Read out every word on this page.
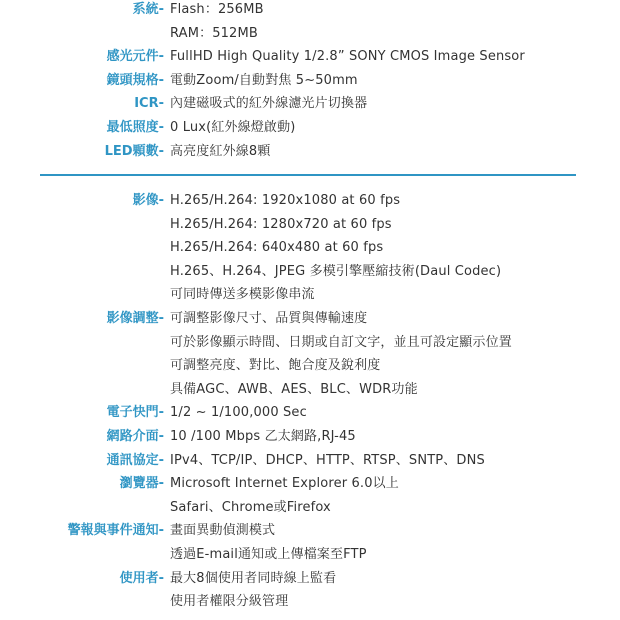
系統- Flash：256MB
RAM：512MB
感光元件- FullHD High Quality 1/2.8” SONY CMOS Image Sensor
鏡頭規格- 電動Zoom/自動對焦 5~50mm
ICR- 內建磁吸式的紅外線濾光片切換器
最低照度- 0 Lux(紅外線燈啟動)
LED顆數- 高亮度紅外線8顆
影像- H.265/H.264: 1920x1080 at 60 fps
H.265/H.264: 1280x720 at 60 fps
H.265/H.264: 640x480 at 60 fps
H.265、H.264、JPEG 多模引擎壓縮技術(Daul Codec)
可同時傳送多模影像串流
影像調整- 可調整影像尺寸、品質與傳輸速度
可於影像顯示時間、日期或自訂文字，並且可設定顯示位置
可調整亮度、對比、飽合度及銳利度
具備AGC、AWB、AES、BLC、WDR功能
電子快門- 1/2 ~ 1/100,000 Sec
網路介面- 10 /100 Mbps 乙太網路,RJ-45
通訊協定- IPv4、TCP/IP、DHCP、HTTP、RTSP、SNTP、DNS
瀏覽器- Microsoft Internet Explorer 6.0以上
Safari、Chrome或Firefox
警報與事件通知- 畫面異動偵測模式
透過E-mail通知或上傳檔案至FTP
使用者- 最大8個使用者同時線上監看
使用者權限分級管理
